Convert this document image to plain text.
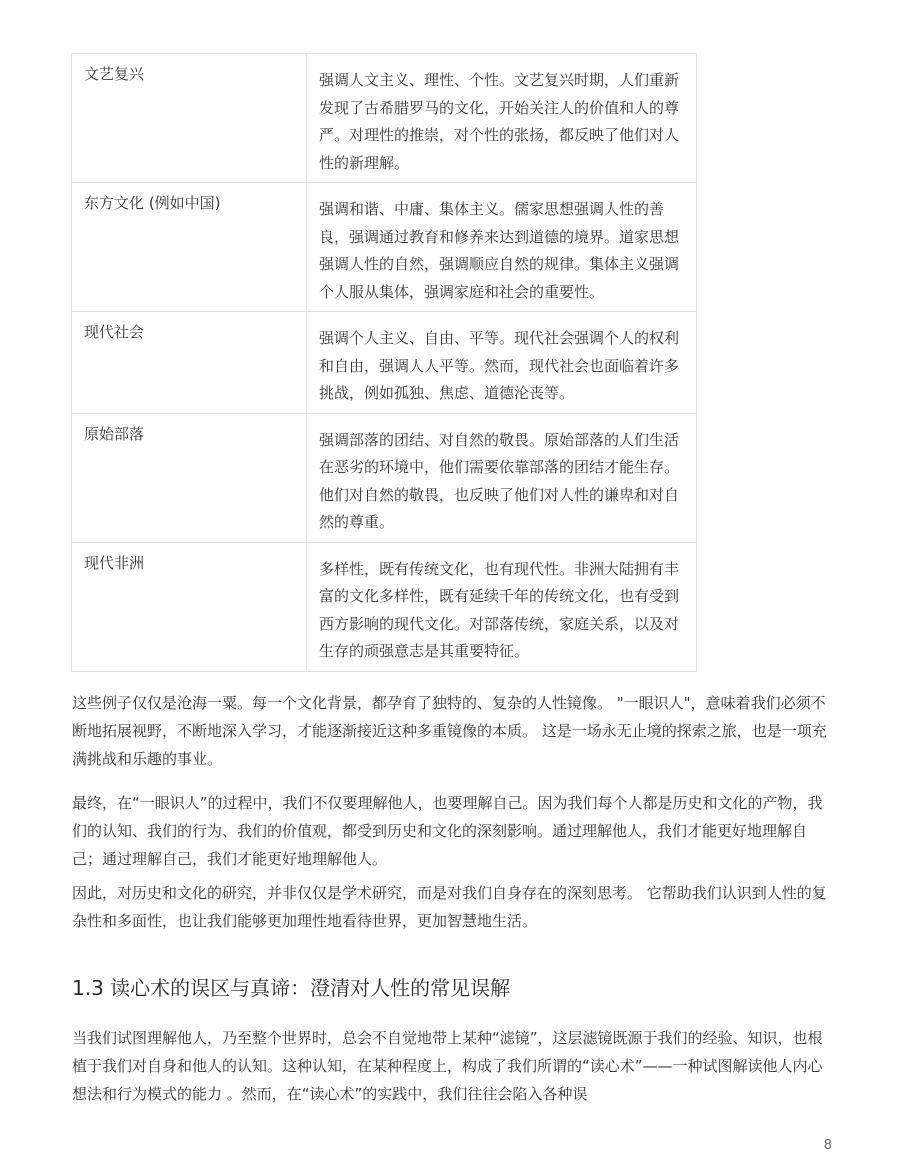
文艺复兴	强调人文主义、理性、个性。文艺复兴时期，人们重新发现了古希腊罗马的文化，开始关注人的价值和人的尊严。对理性的推崇，对个性的张扬，都反映了他们对人性的新理解。
东方文化 (例如中国)	强调和谐、中庸、集体主义。儒家思想强调人性的善良，强调通过教育和修养来达到道德的境界。道家思想强调人性的自然，强调顺应自然的规律。集体主义强调个人服从集体，强调家庭和社会的重要性。
现代社会	强调个人主义、自由、平等。现代社会强调个人的权利和自由，强调人人平等。然而，现代社会也面临着许多挑战，例如孤独、焦虑、道德沦丧等。
原始部落	强调部落的团结、对自然的敬畏。原始部落的人们生活在恶劣的环境中，他们需要依靠部落的团结才能生存。他们对自然的敬畏，也反映了他们对人性的谦卑和对自然的尊重。
现代非洲	多样性，既有传统文化，也有现代性。非洲大陆拥有丰富的文化多样性，既有延续千年的传统文化，也有受到西方影响的现代文化。对部落传统，家庭关系，以及对生存的顽强意志是其重要特征。

这些例子仅仅是沧海一粟。每一个文化背景，都孕育了独特的、复杂的人性镜像。 "一眼识人"，意味着我们必须不断地拓展视野，不断地深入学习，才能逐渐接近这种多重镜像的本质。 这是一场永无止境的探索之旅，也是一项充满挑战和乐趣的事业。

最终，在“一眼识人”的过程中，我们不仅要理解他人，也要理解自己。因为我们每个人都是历史和文化的产物，我们的认知、我们的行为、我们的价值观，都受到历史和文化的深刻影响。通过理解他人，我们才能更好地理解自己；通过理解自己，我们才能更好地理解他人。

因此，对历史和文化的研究，并非仅仅是学术研究，而是对我们自身存在的深刻思考。 它帮助我们认识到人性的复杂性和多面性，也让我们能够更加理性地看待世界，更加智慧地生活。

1.3 读心术的误区与真谛：澄清对人性的常见误解

当我们试图理解他人，乃至整个世界时，总会不自觉地带上某种“滤镜”，这层滤镜既源于我们的经验、知识，也根植于我们对自身和他人的认知。这种认知，在某种程度上，构成了我们所谓的“读心术”——一种试图解读他人内心想法和行为模式的能力 。然而，在“读心术”的实践中，我们往往会陷入各种误

8
